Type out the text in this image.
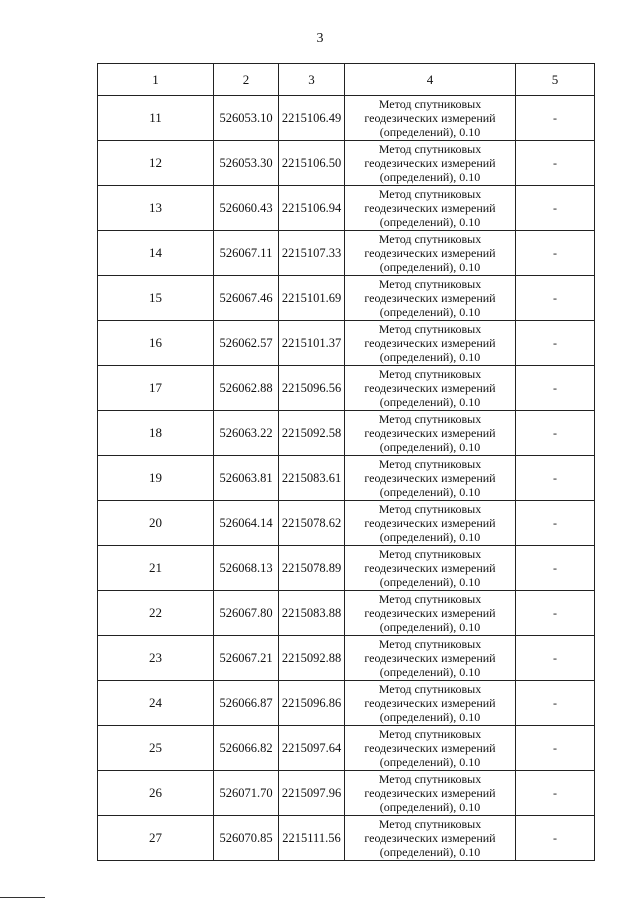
3
1	2	3	4	5
11	526053.10	2215106.49	Метод спутниковых
геодезических измерений
(определений), 0.10	-
12	526053.30	2215106.50	Метод спутниковых
геодезических измерений
(определений), 0.10	-
13	526060.43	2215106.94	Метод спутниковых
геодезических измерений
(определений), 0.10	-
14	526067.11	2215107.33	Метод спутниковых
геодезических измерений
(определений), 0.10	-
15	526067.46	2215101.69	Метод спутниковых
геодезических измерений
(определений), 0.10	-
16	526062.57	2215101.37	Метод спутниковых
геодезических измерений
(определений), 0.10	-
17	526062.88	2215096.56	Метод спутниковых
геодезических измерений
(определений), 0.10	-
18	526063.22	2215092.58	Метод спутниковых
геодезических измерений
(определений), 0.10	-
19	526063.81	2215083.61	Метод спутниковых
геодезических измерений
(определений), 0.10	-
20	526064.14	2215078.62	Метод спутниковых
геодезических измерений
(определений), 0.10	-
21	526068.13	2215078.89	Метод спутниковых
геодезических измерений
(определений), 0.10	-
22	526067.80	2215083.88	Метод спутниковых
геодезических измерений
(определений), 0.10	-
23	526067.21	2215092.88	Метод спутниковых
геодезических измерений
(определений), 0.10	-
24	526066.87	2215096.86	Метод спутниковых
геодезических измерений
(определений), 0.10	-
25	526066.82	2215097.64	Метод спутниковых
геодезических измерений
(определений), 0.10	-
26	526071.70	2215097.96	Метод спутниковых
геодезических измерений
(определений), 0.10	-
27	526070.85	2215111.56	Метод спутниковых
геодезических измерений
(определений), 0.10	-
